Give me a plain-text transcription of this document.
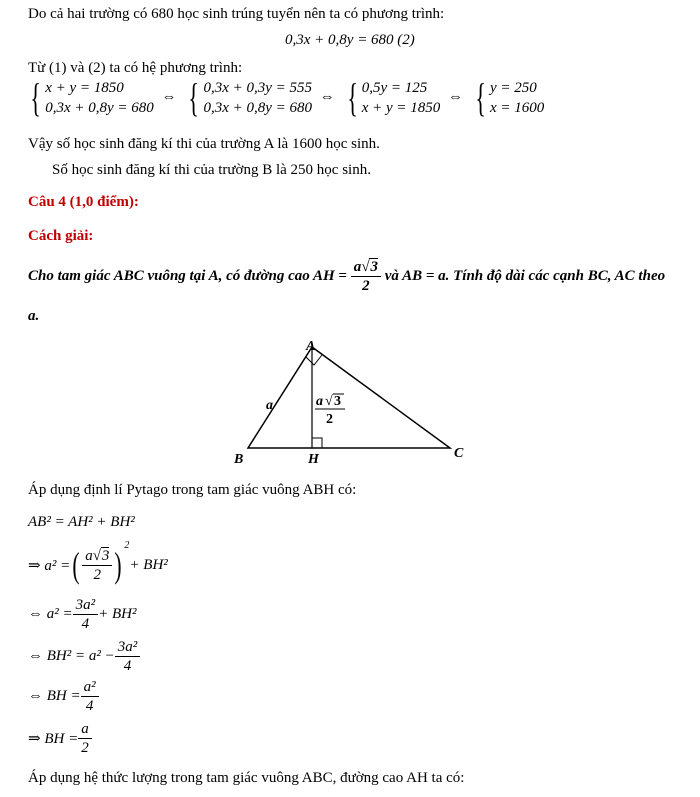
Do cả hai trường có 680 học sinh trúng tuyển nên ta có phương trình:
0,3x + 0,8y = 680 (2)
Từ (1) và (2) ta có hệ phương trình:
{ x + y = 1850
0,3x + 0,8y = 680
⇔ { 0,3x + 0,3y = 555
0,3x + 0,8y = 680
⇔ { 0,5y = 125
x + y = 1850
⇔ { y = 250
x = 1600
Vậy số học sinh đăng kí thi của trường A là 1600 học sinh.
Số học sinh đăng kí thi của trường B là 250 học sinh.
Câu 4 (1,0 điểm):
Cách giải:
Cho tam giác ABC vuông tại A, có đường cao AH = $\frac{a√3}{2}$ và AB = a. Tính độ dài các cạnh BC, AC theo
a.
A
B	C
H
a	a √ 3
2
Áp dụng định lí Pytago trong tam giác vuông ABH có:
AB² = AH² + BH²
⇒ a² = ( $\frac{a√3}{2} )^2$
+ BH²
⇔ $a^2 = \frac{\text{3a²}}{4} + BH^2$
⇔ $BH^2 = a^2 - \frac{\text{3a²}}{4}$
⇔ BH = $\frac{\text{a²}}{4}$
⇒ BH = $\frac{a}{2}$
Áp dụng hệ thức lượng trong tam giác vuông ABC, đường cao AH ta có:
